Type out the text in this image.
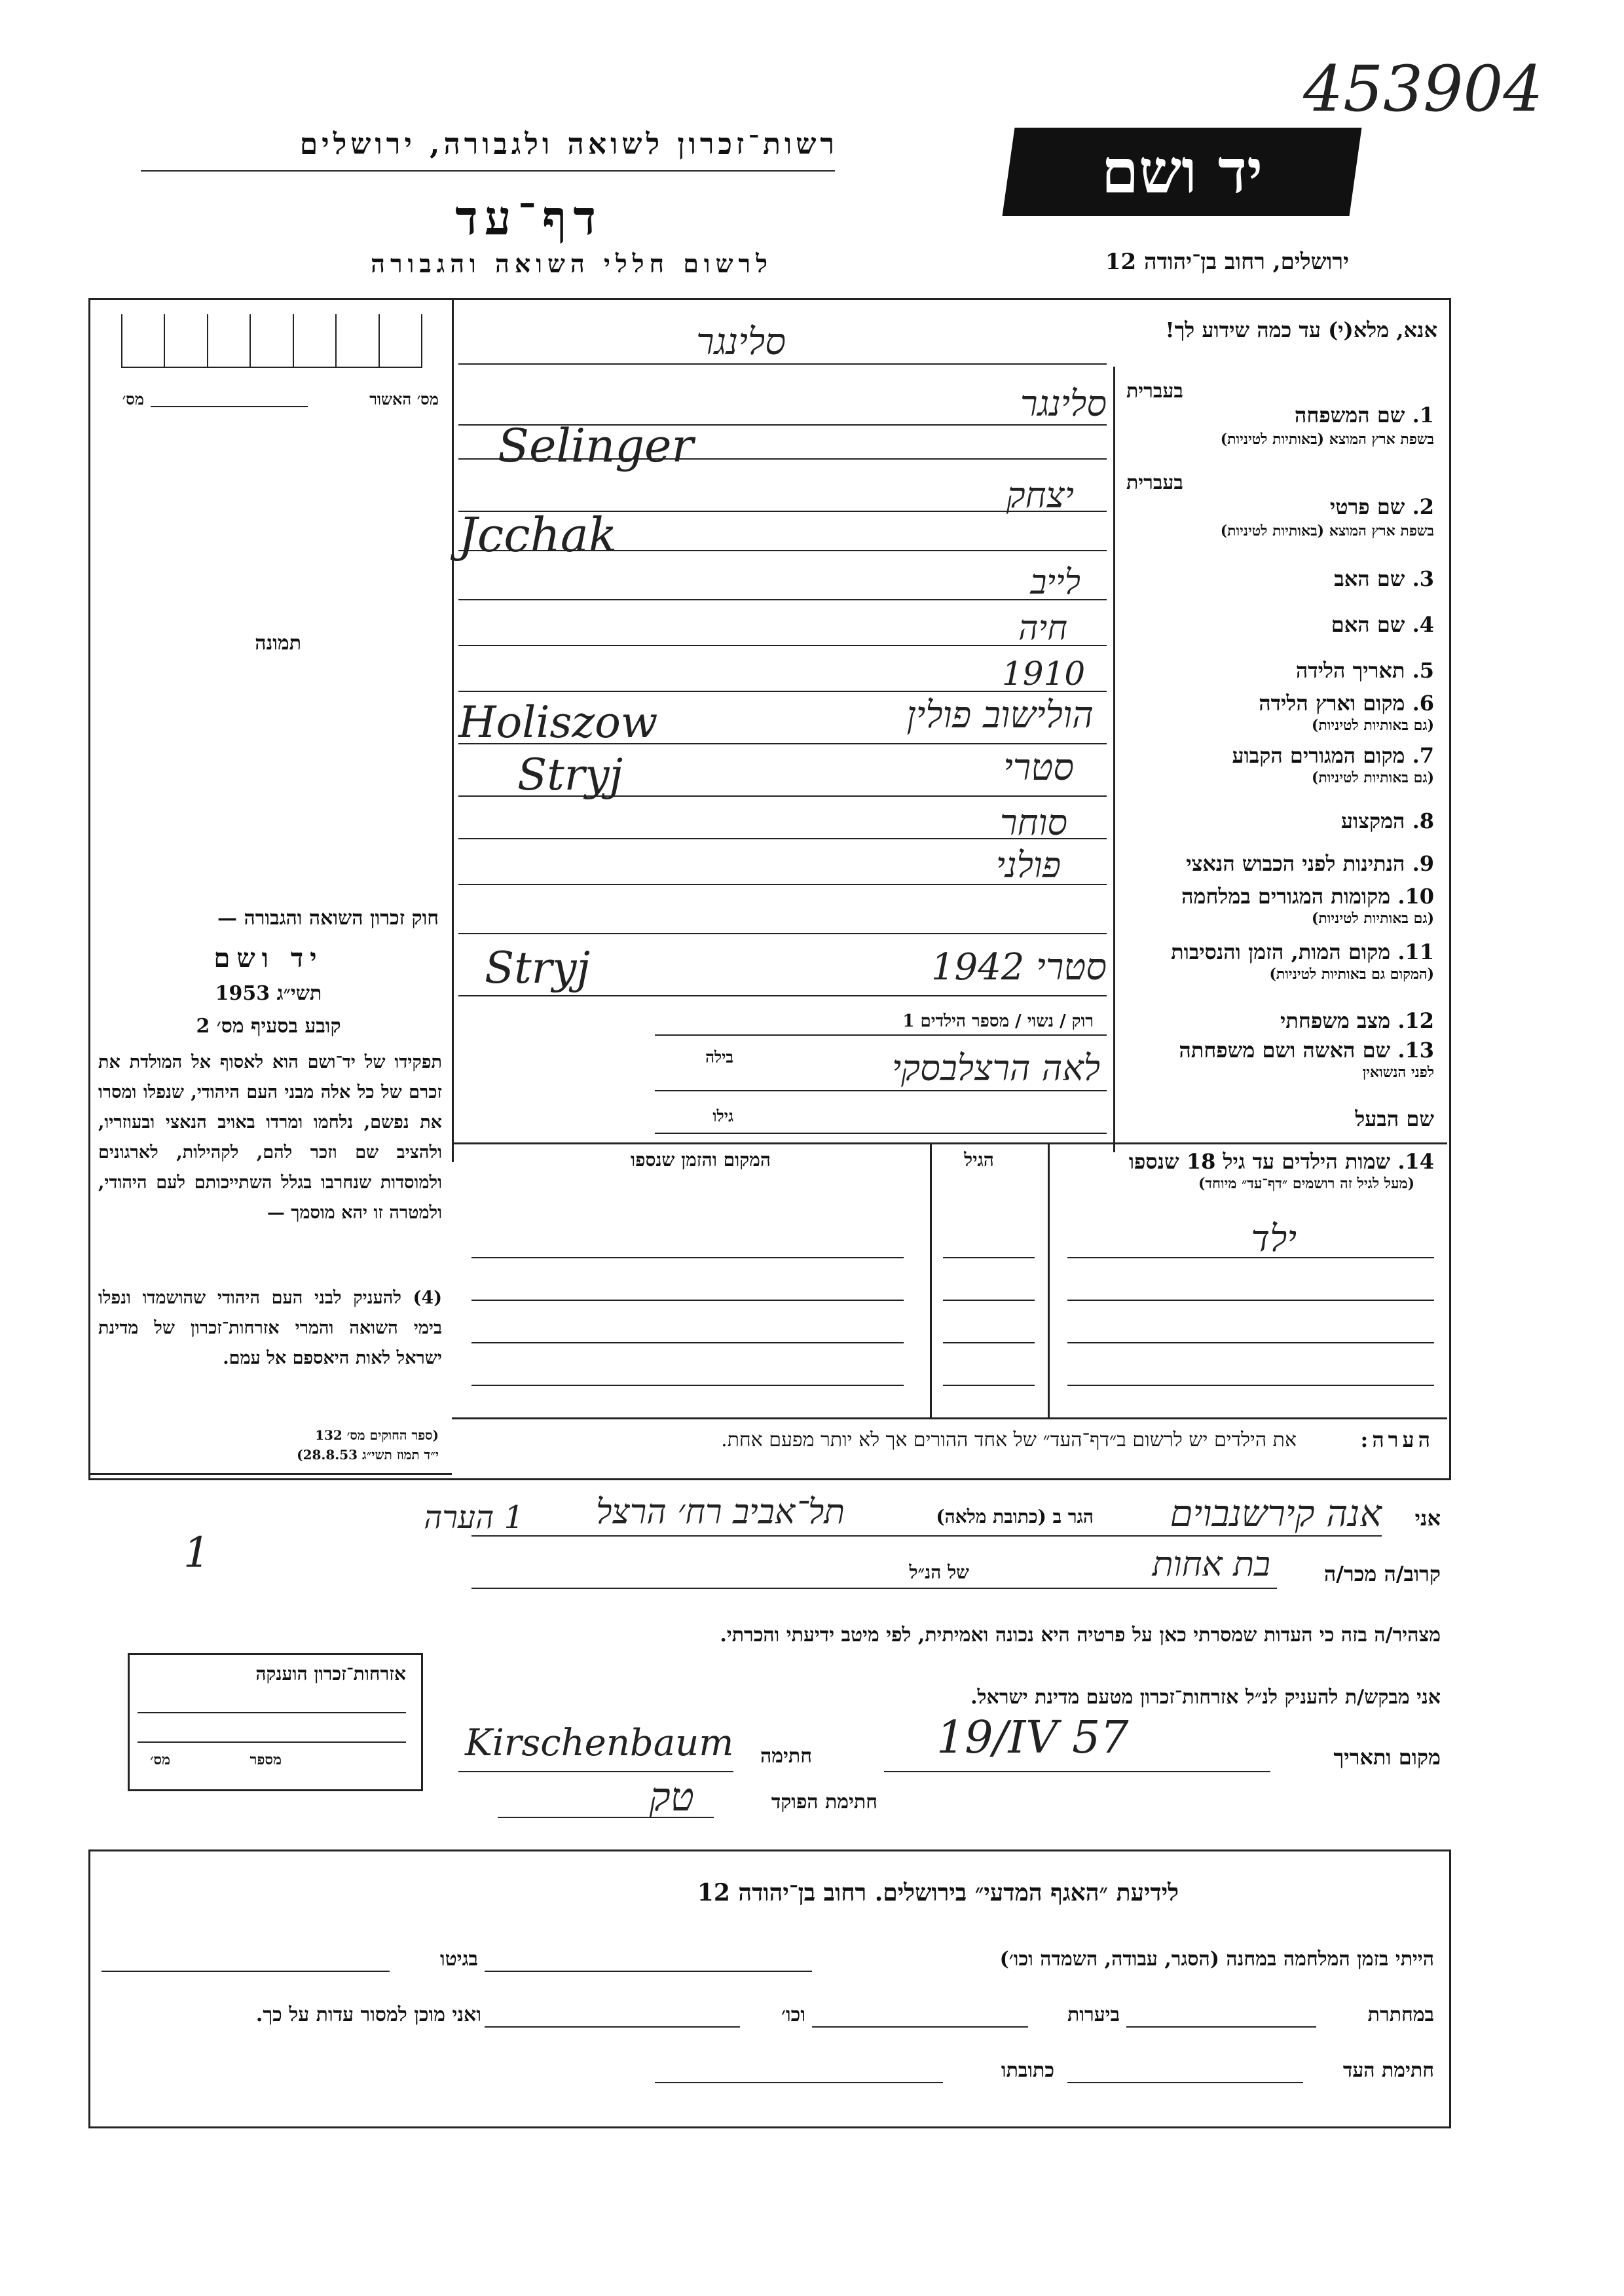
453904
רשות־זכרון לשואה ולגבורה, ירושלים
דף־עד
לרשום חללי השואה והגבורה
יד ושם
ירושלים, רחוב בן־יהודה 12
אנא, מלא(י) עד כמה שידוע לך!
מס׳ האשור
מס׳
תמונה
סלינגר
בעברית
1. שם המשפחה
בשפת ארץ המוצא (באותיות לטיניות)
סלינגר
Selinger
בעברית
2. שם פרטי
בשפת ארץ המוצא (באותיות לטיניות)
יצחק
Jcchak
3. שם האב
לייב
4. שם האם
חיה
5. תאריך הלידה
1910
6. מקום וארץ הלידה
(גם באותיות לטיניות)
הולישוב פולין
Holiszow
7. מקום המגורים הקבוע
(גם באותיות לטיניות)
סטרי
Stryj
8. המקצוע
סוחר
9. הנתינות לפני הכבוש הנאצי
פולני
10. מקומות המגורים במלחמה
(גם באותיות לטיניות)
11. מקום המות, הזמן והנסיבות
(המקום גם באותיות לטיניות)
סטרי 1942
Stryj
12. מצב משפחתי
רוק / נשוי / מספר הילדים 1
13. שם האשה ושם משפחתה
לפני הנשואין
לאה הרצלבסקי
בילה
שם הבעל
גילו
14. שמות הילדים עד גיל 18 שנספו
(מעל לגיל זה רושמים ״דף־עד״ מיוחד)
הגיל
המקום והזמן שנספו
ילד
הערה:
את הילדים יש לרשום ב״דף־העד״ של אחד ההורים אך לא יותר מפעם אחת.
חוק זכרון השואה והגבורה —
יד ושם
תשי״ג 1953
קובע בסעיף מס׳ 2
תפקידו של יד־ושם הוא לאסוף אל המולדת את זכרם של כל אלה מבני העם היהודי, שנפלו ומסרו את נפשם, נלחמו ומרדו באויב הנאצי ובעוזריו, ולהציב שם וזכר להם, לקהילות, לארגונים ולמוסדות שנחרבו בגלל השתייכותם לעם היהודי, ולמטרה זו יהא מוסמך —
(4) להעניק לבני העם היהודי שהושמדו ונפלו בימי השואה והמרי אזרחות־זכרון של מדינת ישראל לאות היאספם אל עמם.
(ספר החוקים מס׳ 132
י״ד תמוז תשי״ג 28.8.53)
1
1 הערה	אני
אנה קירשנבוים
הגר ב (כתובת מלאה)
תל־אביב רח׳ הרצל
קרוב/ה מכר/ה
בת אחות
של הנ״ל
מצהיר/ה בזה כי העדות שמסרתי כאן על פרטיה היא נכונה ואמיתית, לפי מיטב ידיעתי והכרתי.
אני מבקש/ת להעניק לנ״ל אזרחות־זכרון מטעם מדינת ישראל.
מקום ותאריך
19/IV 57
חתימה
Kirschenbaum
חתימת הפוקד
טק
אזרחות־זכרון הוענקה
מספר
מס׳
לידיעת ״האגף המדעי״ בירושלים. רחוב בן־יהודה 12
הייתי בזמן המלחמה במחנה (הסגר, עבודה, השמדה וכו׳)
בגיטו
במחתרת
ביערות
וכו׳
ואני מוכן למסור עדות על כך.
חתימת העד
כתובתו
